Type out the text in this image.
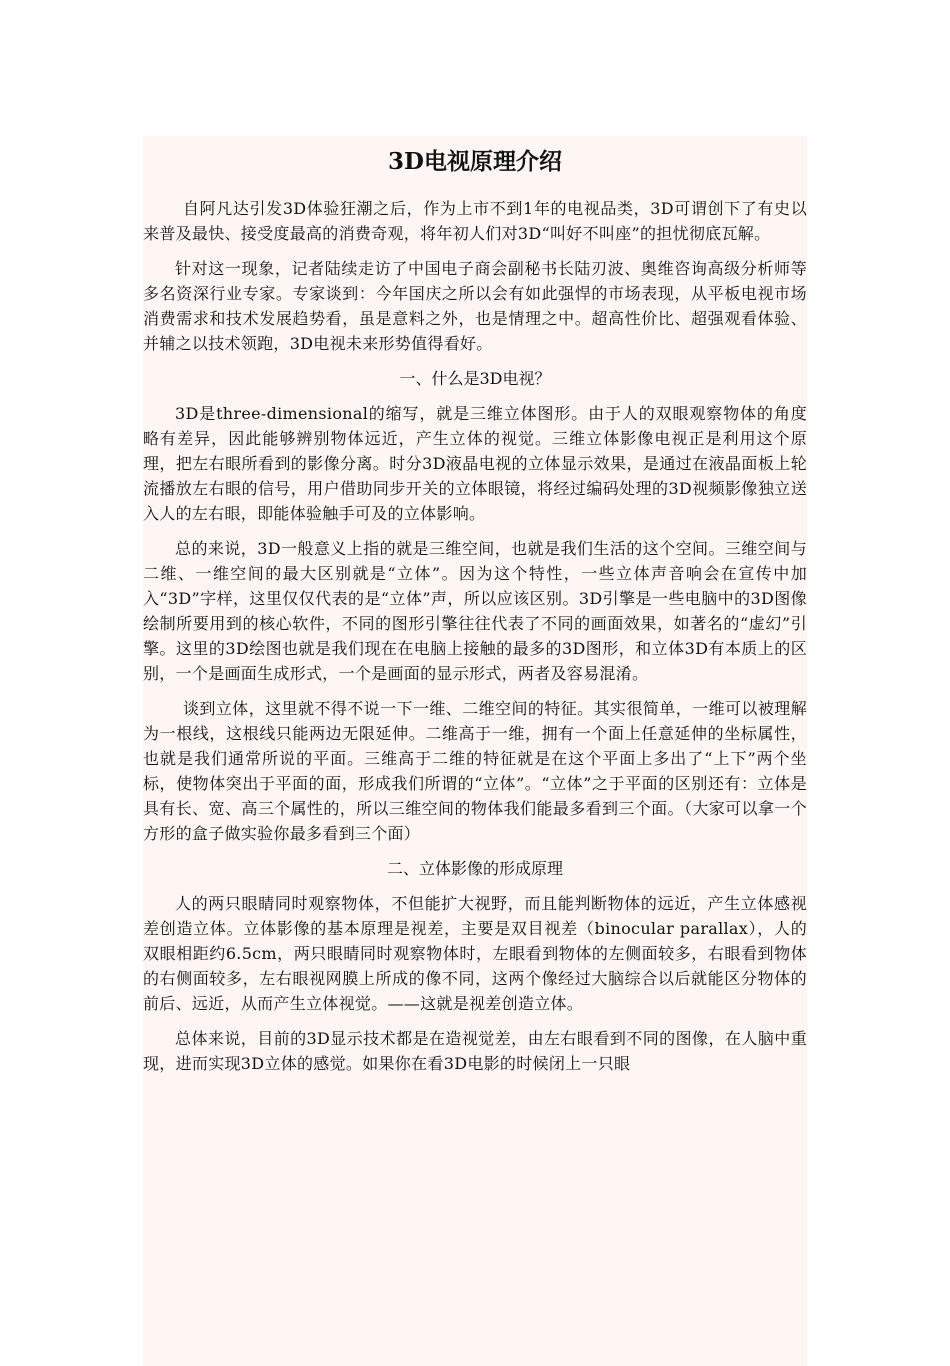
3D电视原理介绍

自阿凡达引发3D体验狂潮之后，作为上市不到1年的电视品类，3D可谓创下了有史以来普及最快、接受度最高的消费奇观，将年初人们对3D“叫好不叫座”的担忧彻底瓦解。

针对这一现象，记者陆续走访了中国电子商会副秘书长陆刃波、奥维咨询高级分析师等多名资深行业专家。专家谈到：今年国庆之所以会有如此强悍的市场表现，从平板电视市场消费需求和技术发展趋势看，虽是意料之外，也是情理之中。超高性价比、超强观看体验、并辅之以技术领跑，3D电视未来形势值得看好。

一、什么是3D电视？

3D是three-dimensional的缩写，就是三维立体图形。由于人的双眼观察物体的角度略有差异，因此能够辨别物体远近，产生立体的视觉。三维立体影像电视正是利用这个原理，把左右眼所看到的影像分离。时分3D液晶电视的立体显示效果，是通过在液晶面板上轮流播放左右眼的信号，用户借助同步开关的立体眼镜，将经过编码处理的3D视频影像独立送入人的左右眼，即能体验触手可及的立体影响。

总的来说，3D一般意义上指的就是三维空间，也就是我们生活的这个空间。三维空间与二维、一维空间的最大区别就是“立体”。因为这个特性，一些立体声音响会在宣传中加入“3D”字样，这里仅仅代表的是“立体”声，所以应该区别。3D引擎是一些电脑中的3D图像绘制所要用到的核心软件，不同的图形引擎往往代表了不同的画面效果，如著名的“虚幻”引擎。这里的3D绘图也就是我们现在在电脑上接触的最多的3D图形，和立体3D有本质上的区别，一个是画面生成形式，一个是画面的显示形式，两者及容易混淆。

谈到立体，这里就不得不说一下一维、二维空间的特征。其实很简单，一维可以被理解为一根线，这根线只能两边无限延伸。二维高于一维，拥有一个面上任意延伸的坐标属性，也就是我们通常所说的平面。三维高于二维的特征就是在这个平面上多出了“上下”两个坐标，使物体突出于平面的面，形成我们所谓的“立体”。“立体”之于平面的区别还有：立体是具有长、宽、高三个属性的，所以三维空间的物体我们能最多看到三个面。（大家可以拿一个方形的盒子做实验你最多看到三个面）

二、立体影像的形成原理

人的两只眼睛同时观察物体，不但能扩大视野，而且能判断物体的远近，产生立体感视差创造立体。立体影像的基本原理是视差，主要是双目视差（binocular parallax），人的双眼相距约6.5cm，两只眼睛同时观察物体时，左眼看到物体的左侧面较多，右眼看到物体的右侧面较多，左右眼视网膜上所成的像不同，这两个像经过大脑综合以后就能区分物体的前后、远近，从而产生立体视觉。——这就是视差创造立体。

总体来说，目前的3D显示技术都是在造视觉差，由左右眼看到不同的图像，在人脑中重现，进而实现3D立体的感觉。如果你在看3D电影的时候闭上一只眼
